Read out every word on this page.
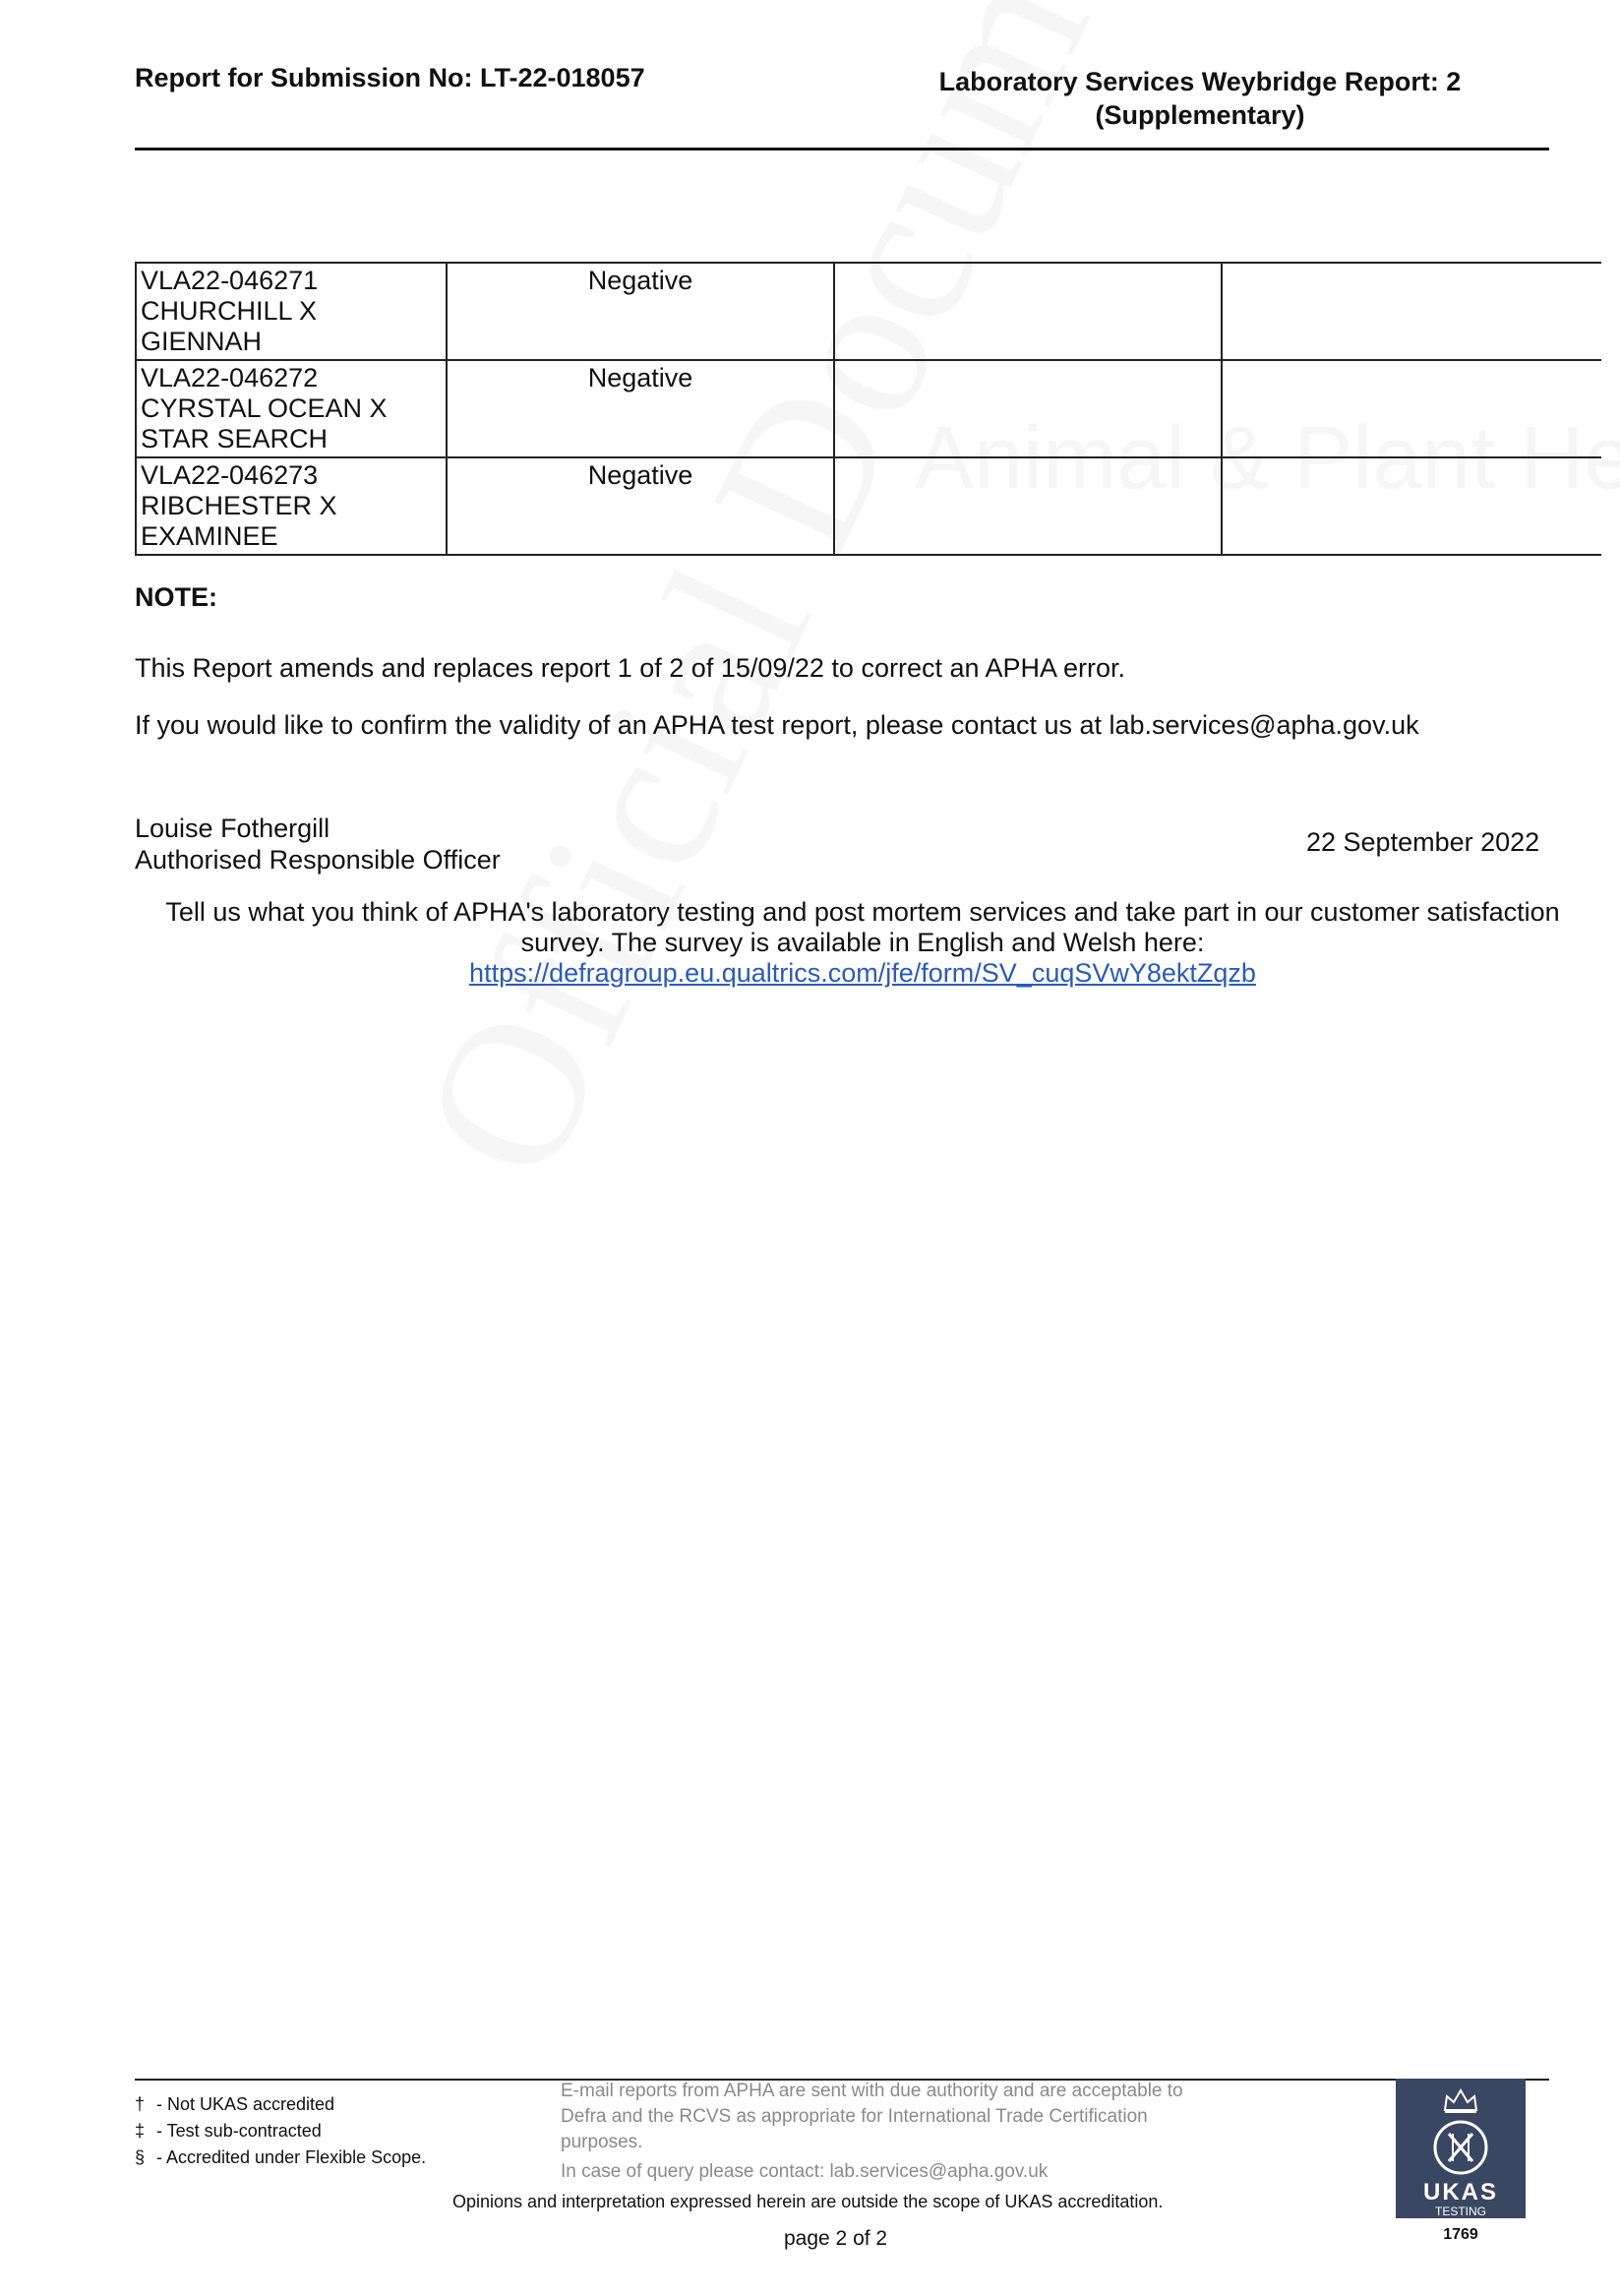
Report for Submission No: LT-22-018057	Laboratory Services Weybridge Report: 2
(Supplementary)
VLA22-046271
CHURCHILL X
GIENNAH	Negative		

VLA22-046272
CYRSTAL OCEAN X
STAR SEARCH	Negative		

VLA22-046273
RIBCHESTER X
EXAMINEE	Negative		
NOTE:
This Report amends and replaces report 1 of 2 of 15/09/22 to correct an APHA error.
If you would like to confirm the validity of an APHA test report, please contact us at lab.services@apha.gov.uk
Louise Fothergill
Authorised Responsible Officer
22 September 2022
Tell us what you think of APHA's laboratory testing and post mortem services and take part in our customer satisfaction
survey. The survey is available in English and Welsh here:
https://defragroup.eu.qualtrics.com/jfe/form/SV_cuqSVwY8ektZqzb
† - Not UKAS accredited
‡ - Test sub-contracted
§ - Accredited under Flexible Scope.
E-mail reports from APHA are sent with due authority and are acceptable to
Defra and the RCVS as appropriate for International Trade Certification
purposes.
In case of query please contact: lab.services@apha.gov.uk
Opinions and interpretation expressed herein are outside the scope of UKAS accreditation.
page 2 of 2
UKAS
TESTING
1769
